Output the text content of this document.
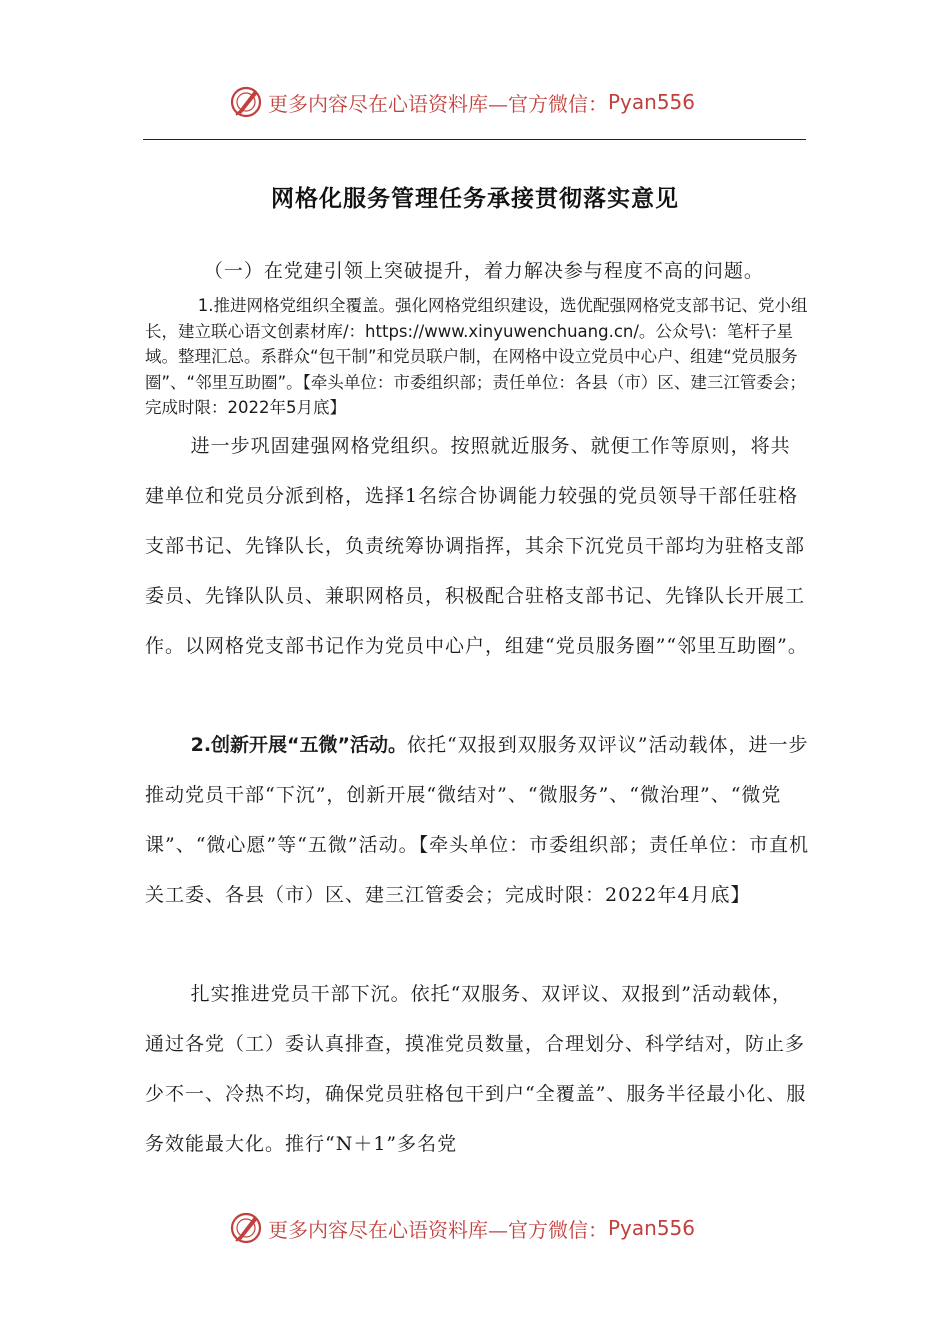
更多内容尽在心语资料库—官方微信： Pyan556
网格化服务管理任务承接贯彻落实意见

（一）在党建引领上突破提升，着力解决参与程度不高的问题。

1.推进网格党组织全覆盖。强化网格党组织建设，选优配强网格党支部书记、党小组长，建立联心语文创素材库/：https://www.xinyuwenchuang.cn/。公众号\：笔杆子星域。整理汇总。系群众“包干制”和党员联户制，在网格中设立党员中心户、组建“党员服务圈”、“邻里互助圈”。【牵头单位：市委组织部；责任单位：各县（市）区、建三江管委会；完成时限：2022年5月底】

进一步巩固建强网格党组织。按照就近服务、就便工作等原则，将共建单位和党员分派到格，选择1名综合协调能力较强的党员领导干部任驻格支部书记、先锋队长，负责统筹协调指挥，其余下沉党员干部均为驻格支部委员、先锋队队员、兼职网格员，积极配合驻格支部书记、先锋队长开展工作。以网格党支部书记作为党员中心户，组建“党员服务圈”“邻里互助圈”。

2.创新开展“五微”活动。依托“双报到双服务双评议”活动载体，进一步推动党员干部“下沉”，创新开展“微结对”、“微服务”、“微治理”、“微党课”、“微心愿”等“五微”活动。【牵头单位：市委组织部；责任单位：市直机关工委、各县（市）区、建三江管委会；完成时限：2022年4月底】

扎实推进党员干部下沉。依托“双服务、双评议、双报到”活动载体，通过各党（工）委认真排查，摸准党员数量，合理划分、科学结对，防止多少不一、冷热不均，确保党员驻格包干到户“全覆盖”、服务半径最小化、服务效能最大化。推行“N＋1”多名党

更多内容尽在心语资料库—官方微信： Pyan556
